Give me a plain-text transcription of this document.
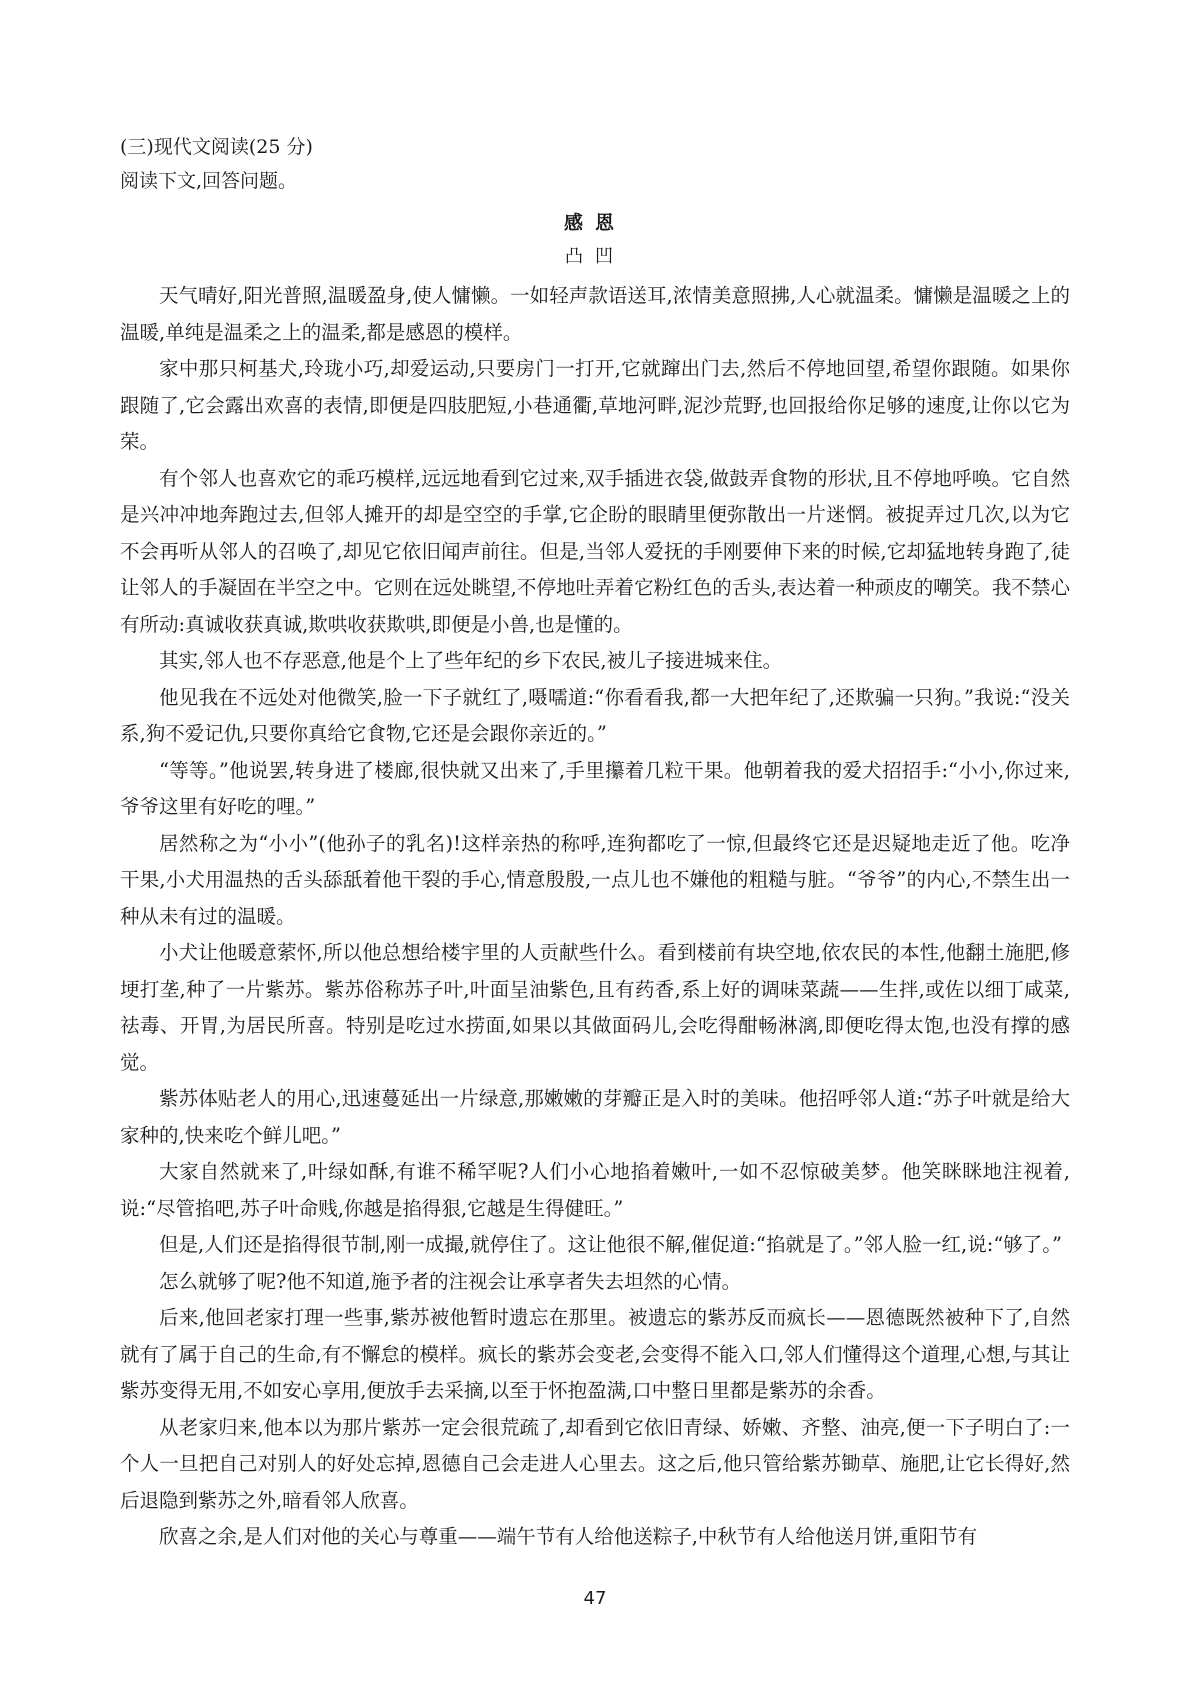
(三)现代文阅读(25 分)

阅读下文,回答问题。

感恩

凸凹

天气晴好,阳光普照,温暖盈身,使人慵懒。一如轻声款语送耳,浓情美意照拂,人心就温柔。慵懒是温暖之上的温暖,单纯是温柔之上的温柔,都是感恩的模样。

家中那只柯基犬,玲珑小巧,却爱运动,只要房门一打开,它就蹿出门去,然后不停地回望,希望你跟随。如果你跟随了,它会露出欢喜的表情,即便是四肢肥短,小巷通衢,草地河畔,泥沙荒野,也回报给你足够的速度,让你以它为荣。

有个邻人也喜欢它的乖巧模样,远远地看到它过来,双手插进衣袋,做鼓弄食物的形状,且不停地呼唤。它自然是兴冲冲地奔跑过去,但邻人摊开的却是空空的手掌,它企盼的眼睛里便弥散出一片迷惘。被捉弄过几次,以为它不会再听从邻人的召唤了,却见它依旧闻声前往。但是,当邻人爱抚的手刚要伸下来的时候,它却猛地转身跑了,徒让邻人的手凝固在半空之中。它则在远处眺望,不停地吐弄着它粉红色的舌头,表达着一种顽皮的嘲笑。我不禁心有所动:真诚收获真诚,欺哄收获欺哄,即便是小兽,也是懂的。

其实,邻人也不存恶意,他是个上了些年纪的乡下农民,被儿子接进城来住。

他见我在不远处对他微笑,脸一下子就红了,嗫嚅道:“你看看我,都一大把年纪了,还欺骗一只狗。”我说:“没关系,狗不爱记仇,只要你真给它食物,它还是会跟你亲近的。”

“等等。”他说罢,转身进了楼廊,很快就又出来了,手里攥着几粒干果。他朝着我的爱犬招招手:“小小,你过来,爷爷这里有好吃的哩。”

居然称之为“小小”(他孙子的乳名)!这样亲热的称呼,连狗都吃了一惊,但最终它还是迟疑地走近了他。吃净干果,小犬用温热的舌头舔舐着他干裂的手心,情意殷殷,一点儿也不嫌他的粗糙与脏。“爷爷”的内心,不禁生出一种从未有过的温暖。

小犬让他暖意萦怀,所以他总想给楼宇里的人贡献些什么。看到楼前有块空地,依农民的本性,他翻土施肥,修埂打垄,种了一片紫苏。紫苏俗称苏子叶,叶面呈油紫色,且有药香,系上好的调味菜蔬——生拌,或佐以细丁咸菜,祛毒、开胃,为居民所喜。特别是吃过水捞面,如果以其做面码儿,会吃得酣畅淋漓,即便吃得太饱,也没有撑的感觉。

紫苏体贴老人的用心,迅速蔓延出一片绿意,那嫩嫩的芽瓣正是入时的美味。他招呼邻人道:“苏子叶就是给大家种的,快来吃个鲜儿吧。”

大家自然就来了,叶绿如酥,有谁不稀罕呢?人们小心地掐着嫩叶,一如不忍惊破美梦。他笑眯眯地注视着,说:“尽管掐吧,苏子叶命贱,你越是掐得狠,它越是生得健旺。”

但是,人们还是掐得很节制,刚一成撮,就停住了。这让他很不解,催促道:“掐就是了。”邻人脸一红,说:“够了。”

怎么就够了呢?他不知道,施予者的注视会让承享者失去坦然的心情。

后来,他回老家打理一些事,紫苏被他暂时遗忘在那里。被遗忘的紫苏反而疯长——恩德既然被种下了,自然就有了属于自己的生命,有不懈怠的模样。疯长的紫苏会变老,会变得不能入口,邻人们懂得这个道理,心想,与其让紫苏变得无用,不如安心享用,便放手去采摘,以至于怀抱盈满,口中整日里都是紫苏的余香。

从老家归来,他本以为那片紫苏一定会很荒疏了,却看到它依旧青绿、娇嫩、齐整、油亮,便一下子明白了:一个人一旦把自己对别人的好处忘掉,恩德自己会走进人心里去。这之后,他只管给紫苏锄草、施肥,让它长得好,然后退隐到紫苏之外,暗看邻人欣喜。

欣喜之余,是人们对他的关心与尊重——端午节有人给他送粽子,中秋节有人给他送月饼,重阳节有

47
